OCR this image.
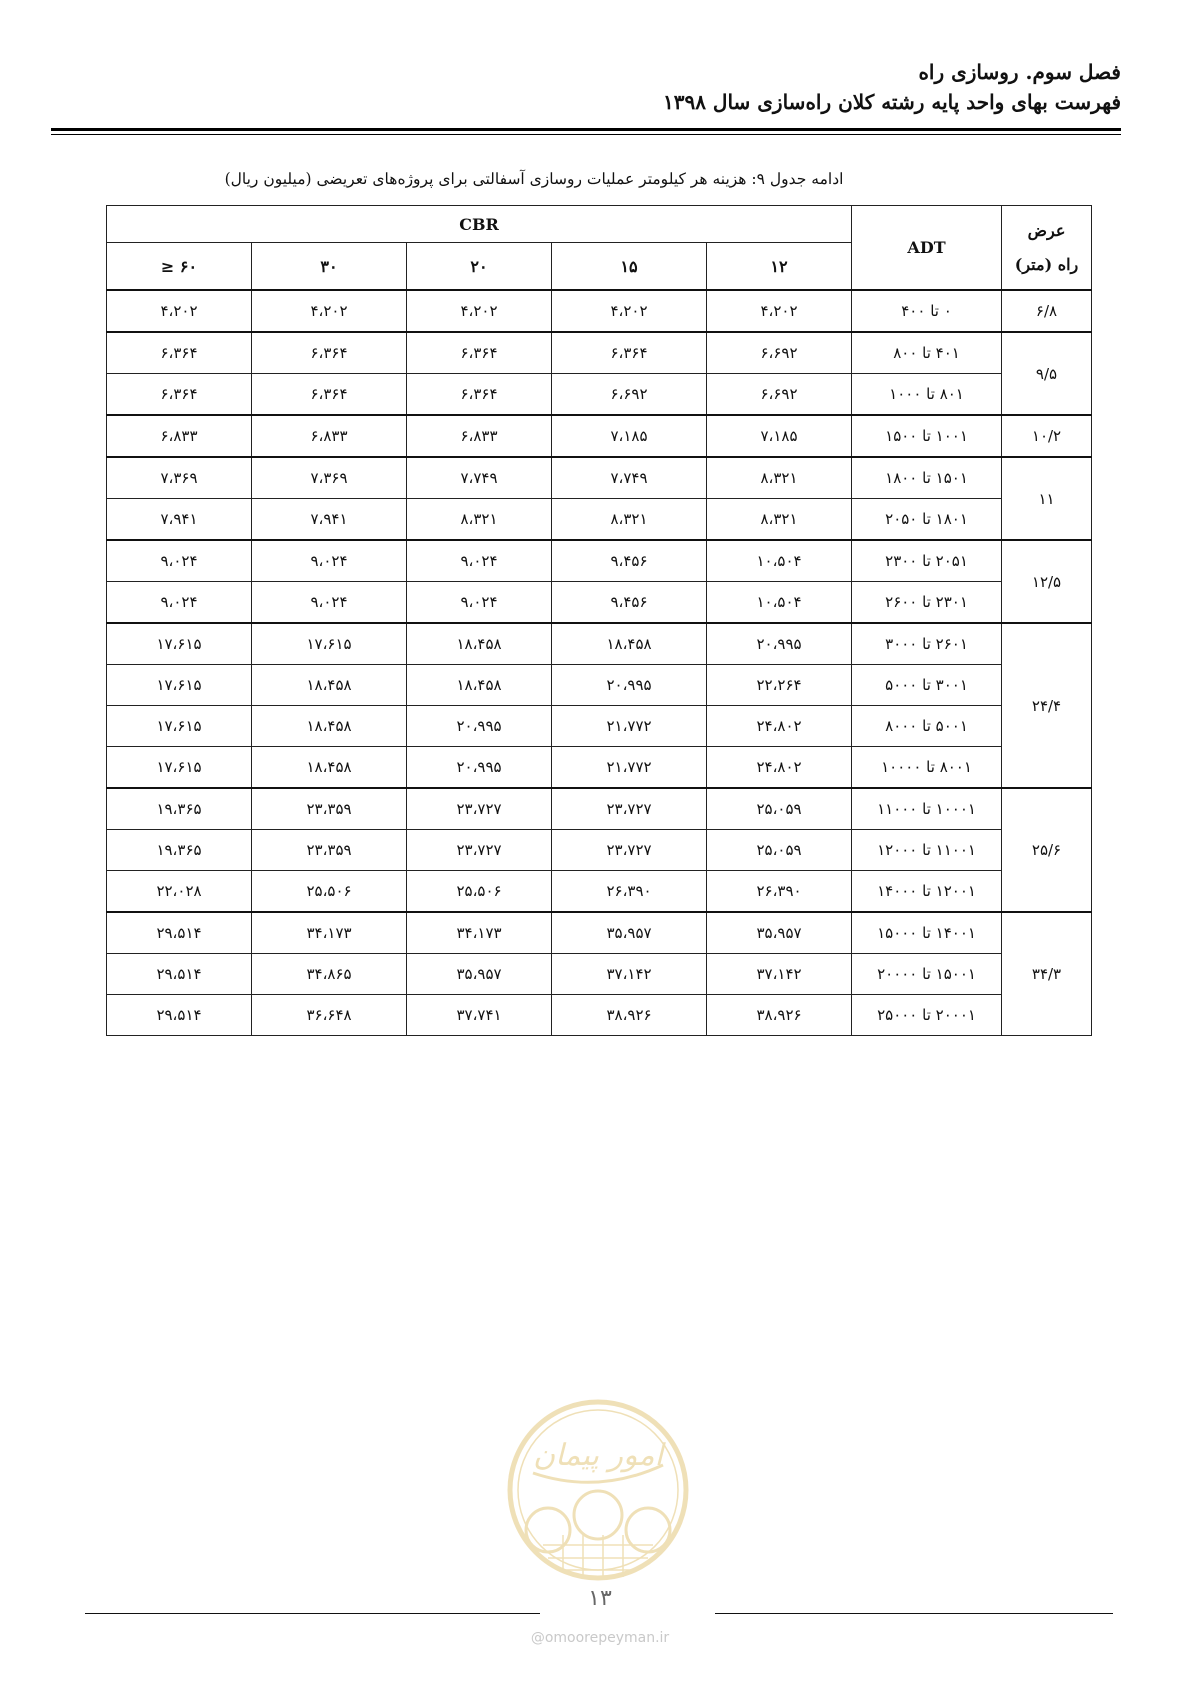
فصل سوم. روسازی راه
فهرست بهای واحد پایه رشته کلان راه‌سازی سال ۱۳۹۸
ادامه جدول ۹: هزینه هر کیلومتر عملیات روسازی آسفالتی برای پروژه‌های تعریضی (میلیون ریال)
عرض
راه (متر)	ADT	CBR				
		۱۲	۱۵	۲۰	۳۰	۶۰ ≤
۶/۸	۰ تا ۴۰۰	۴،۲۰۲	۴،۲۰۲	۴،۲۰۲	۴،۲۰۲	۴،۲۰۲
۹/۵	۴۰۱ تا ۸۰۰	۶،۶۹۲	۶،۳۶۴	۶،۳۶۴	۶،۳۶۴	۶،۳۶۴
	۸۰۱ تا ۱۰۰۰	۶،۶۹۲	۶،۶۹۲	۶،۳۶۴	۶،۳۶۴	۶،۳۶۴
۱۰/۲	۱۰۰۱ تا ۱۵۰۰	۷،۱۸۵	۷،۱۸۵	۶،۸۳۳	۶،۸۳۳	۶،۸۳۳
۱۱	۱۵۰۱ تا ۱۸۰۰	۸،۳۲۱	۷،۷۴۹	۷،۷۴۹	۷،۳۶۹	۷،۳۶۹
	۱۸۰۱ تا ۲۰۵۰	۸،۳۲۱	۸،۳۲۱	۸،۳۲۱	۷،۹۴۱	۷،۹۴۱
۱۲/۵	۲۰۵۱ تا ۲۳۰۰	۱۰،۵۰۴	۹،۴۵۶	۹،۰۲۴	۹،۰۲۴	۹،۰۲۴
	۲۳۰۱ تا ۲۶۰۰	۱۰،۵۰۴	۹،۴۵۶	۹،۰۲۴	۹،۰۲۴	۹،۰۲۴
۲۴/۴	۲۶۰۱ تا ۳۰۰۰	۲۰،۹۹۵	۱۸،۴۵۸	۱۸،۴۵۸	۱۷،۶۱۵	۱۷،۶۱۵
	۳۰۰۱ تا ۵۰۰۰	۲۲،۲۶۴	۲۰،۹۹۵	۱۸،۴۵۸	۱۸،۴۵۸	۱۷،۶۱۵
	۵۰۰۱ تا ۸۰۰۰	۲۴،۸۰۲	۲۱،۷۷۲	۲۰،۹۹۵	۱۸،۴۵۸	۱۷،۶۱۵
	۸۰۰۱ تا ۱۰۰۰۰	۲۴،۸۰۲	۲۱،۷۷۲	۲۰،۹۹۵	۱۸،۴۵۸	۱۷،۶۱۵
۲۵/۶	۱۰۰۰۱ تا ۱۱۰۰۰	۲۵،۰۵۹	۲۳،۷۲۷	۲۳،۷۲۷	۲۳،۳۵۹	۱۹،۳۶۵
	۱۱۰۰۱ تا ۱۲۰۰۰	۲۵،۰۵۹	۲۳،۷۲۷	۲۳،۷۲۷	۲۳،۳۵۹	۱۹،۳۶۵
	۱۲۰۰۱ تا ۱۴۰۰۰	۲۶،۳۹۰	۲۶،۳۹۰	۲۵،۵۰۶	۲۵،۵۰۶	۲۲،۰۲۸
۳۴/۳	۱۴۰۰۱ تا ۱۵۰۰۰	۳۵،۹۵۷	۳۵،۹۵۷	۳۴،۱۷۳	۳۴،۱۷۳	۲۹،۵۱۴
	۱۵۰۰۱ تا ۲۰۰۰۰	۳۷،۱۴۲	۳۷،۱۴۲	۳۵،۹۵۷	۳۴،۸۶۵	۲۹،۵۱۴
	۲۰۰۰۱ تا ۲۵۰۰۰	۳۸،۹۲۶	۳۸،۹۲۶	۳۷،۷۴۱	۳۶،۶۴۸	۲۹،۵۱۴
امور پیمان
۱۳
@omoorepeyman.ir
